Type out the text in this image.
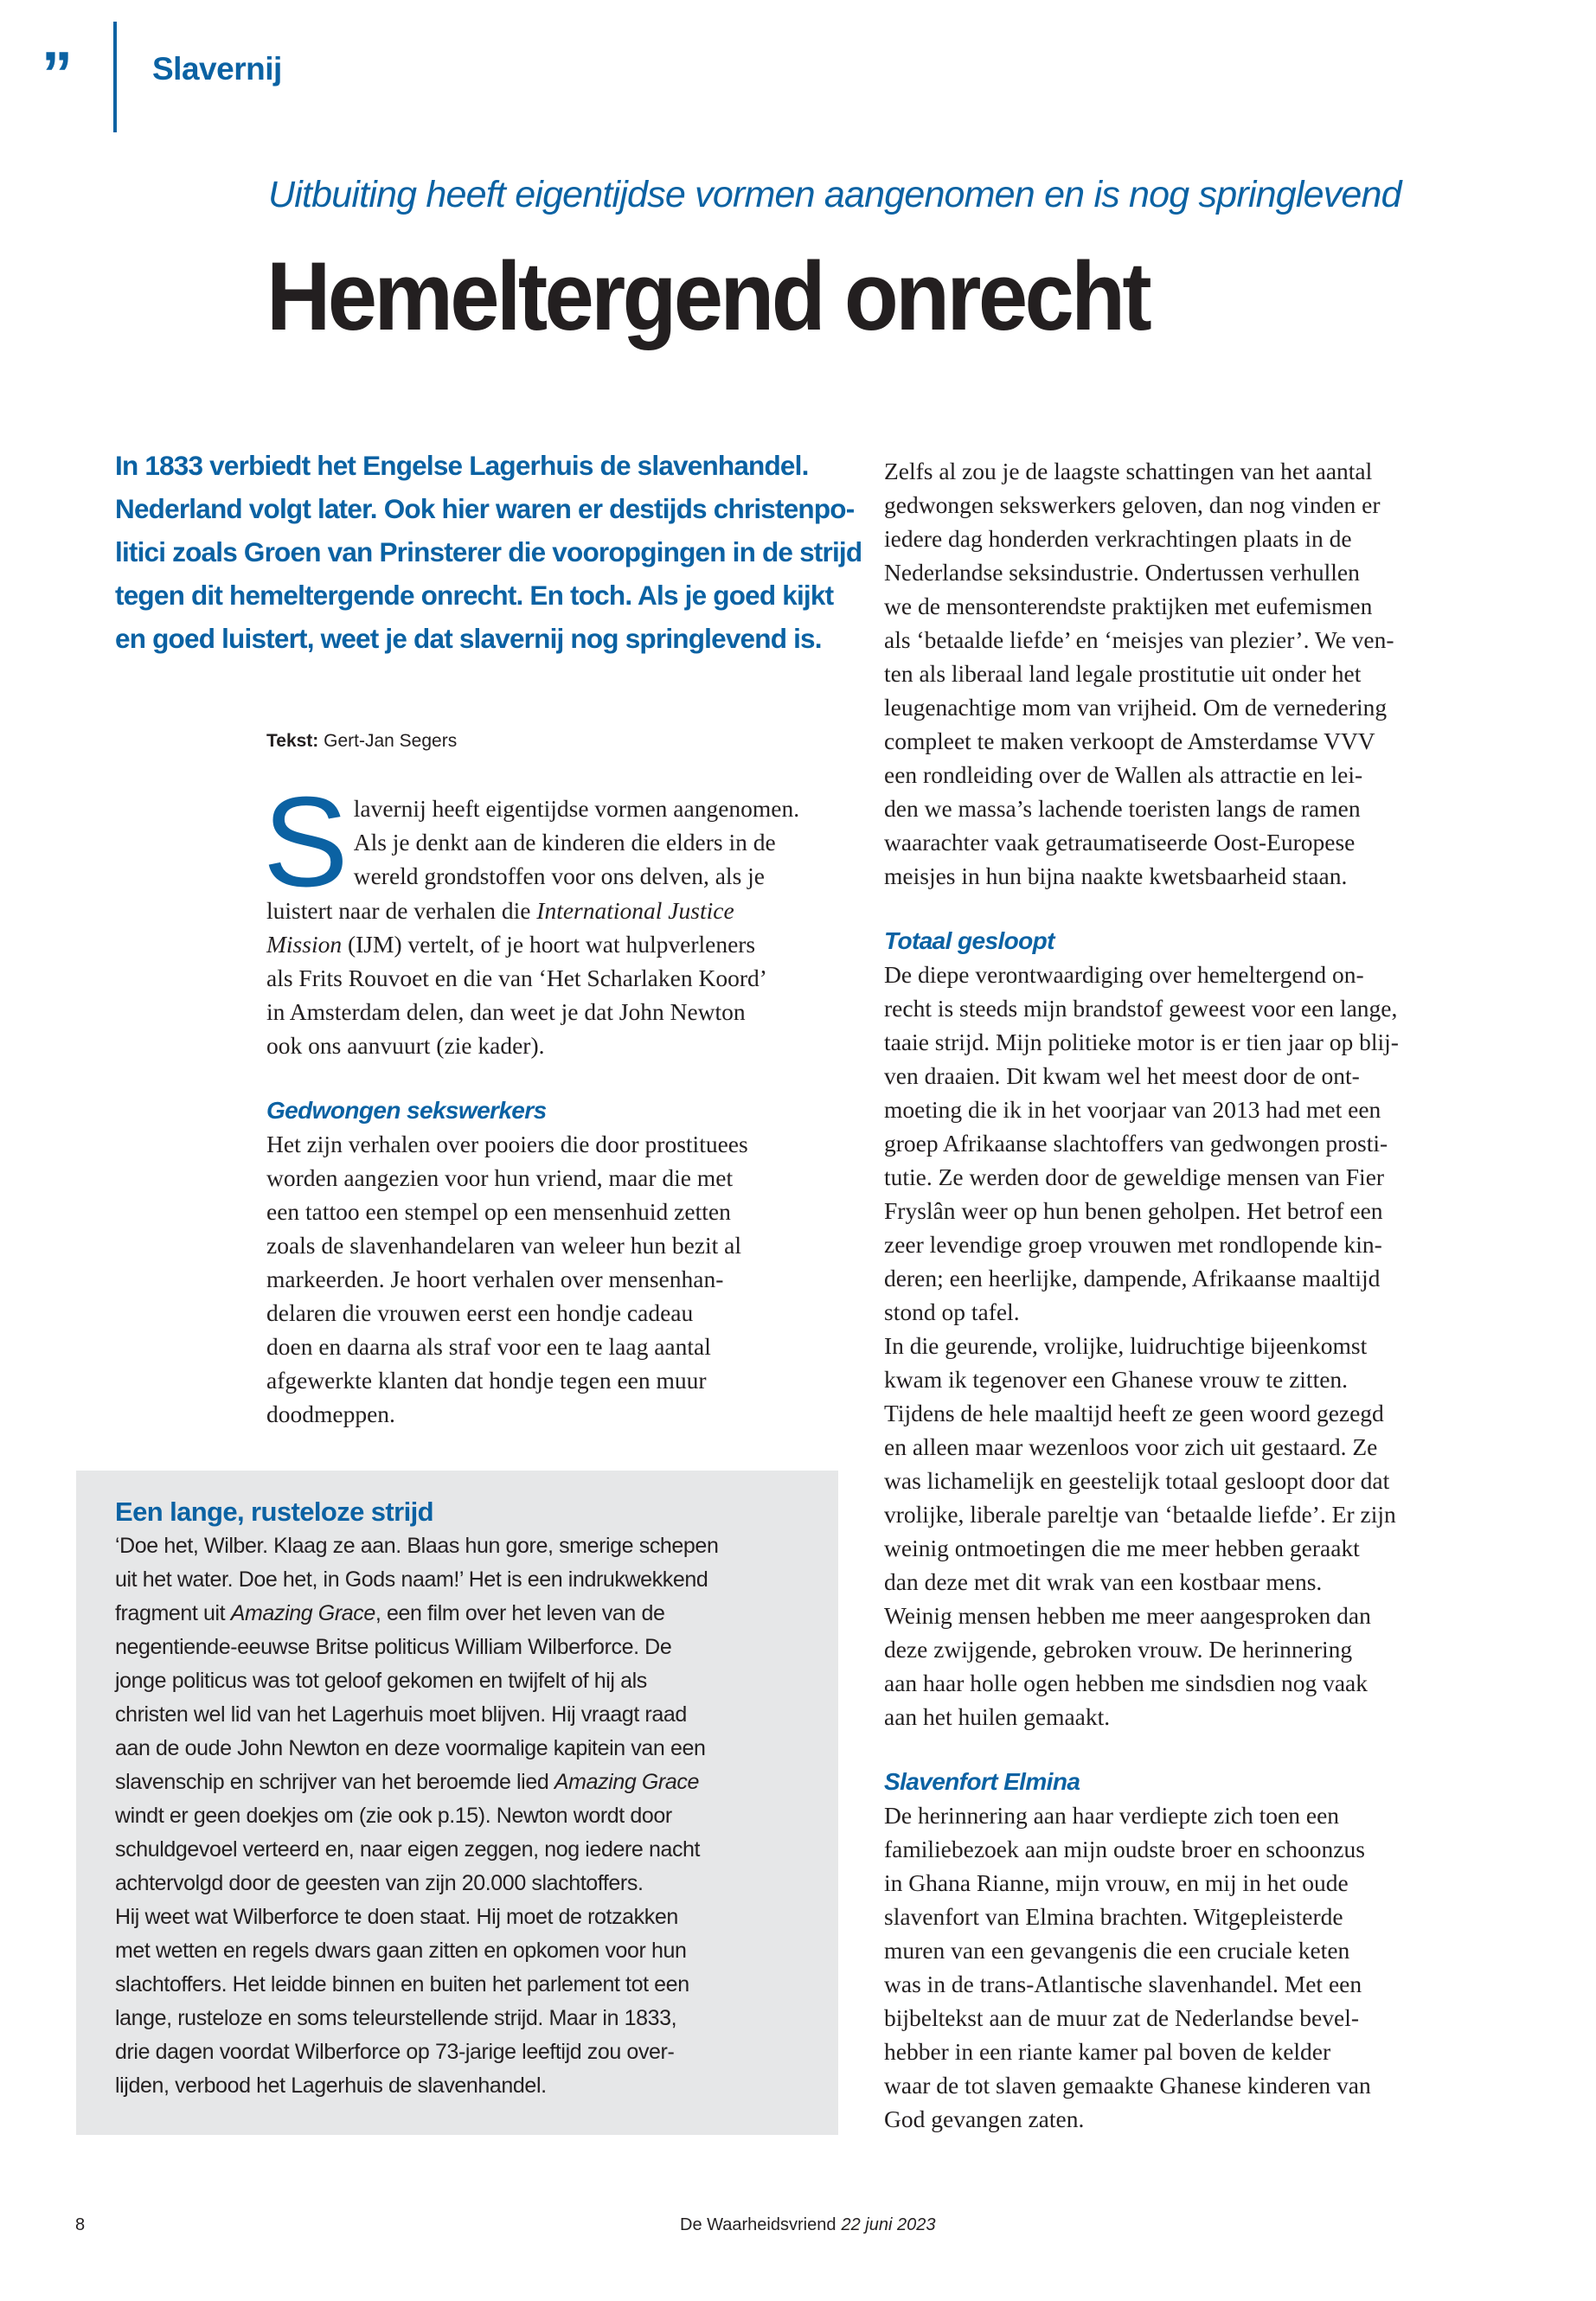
”	Slavernij
Uitbuiting heeft eigentijdse vormen aangenomen en is nog springlevend
Hemeltergend onrecht
In 1833 verbiedt het Engelse Lagerhuis de slavenhandel.
Nederland volgt later. Ook hier waren er destijds christenpo-
litici zoals Groen van Prinsterer die vooropgingen in de strijd
tegen dit hemeltergende onrecht. En toch. Als je goed kijkt
en goed luistert, weet je dat slavernij nog springlevend is.
Tekst: Gert-Jan Segers
S lavernij heeft eigentijdse vormen aangenomen.
Als je denkt aan de kinderen die elders in de
wereld grondstoffen voor ons delven, als je
luistert naar de verhalen die International Justice
Mission (IJM) vertelt, of je hoort wat hulpverleners
als Frits Rouvoet en die van ‘Het Scharlaken Koord’
in Amsterdam delen, dan weet je dat John Newton
ook ons aanvuurt (zie kader).
Gedwongen sekswerkers
Het zijn verhalen over pooiers die door prostituees
worden aangezien voor hun vriend, maar die met
een tattoo een stempel op een mensenhuid zetten
zoals de slavenhandelaren van weleer hun bezit al
markeerden. Je hoort verhalen over mensenhan-
delaren die vrouwen eerst een hondje cadeau
doen en daarna als straf voor een te laag aantal
afgewerkte klanten dat hondje tegen een muur
doodmeppen.
Zelfs al zou je de laagste schattingen van het aantal
gedwongen sekswerkers geloven, dan nog vinden er
iedere dag honderden verkrachtingen plaats in de
Nederlandse seksindustrie. Ondertussen verhullen
we de mensonterendste praktijken met eufemismen
als ‘betaalde liefde’ en ‘meisjes van plezier’. We ven-
ten als liberaal land legale prostitutie uit onder het
leugenachtige mom van vrijheid. Om de vernedering
compleet te maken verkoopt de Amsterdamse VVV
een rondleiding over de Wallen als attractie en lei-
den we massa’s lachende toeristen langs de ramen
waarachter vaak getraumatiseerde Oost-Europese
meisjes in hun bijna naakte kwetsbaarheid staan.
Totaal gesloopt
De diepe verontwaardiging over hemeltergend on-
recht is steeds mijn brandstof geweest voor een lange,
taaie strijd. Mijn politieke motor is er tien jaar op blij-
ven draaien. Dit kwam wel het meest door de ont-
moeting die ik in het voorjaar van 2013 had met een
groep Afrikaanse slachtoffers van gedwongen prosti-
tutie. Ze werden door de geweldige mensen van Fier
Fryslân weer op hun benen geholpen. Het betrof een
zeer levendige groep vrouwen met rondlopende kin-
deren; een heerlijke, dampende, Afrikaanse maaltijd
stond op tafel.
In die geurende, vrolijke, luidruchtige bijeenkomst
kwam ik tegenover een Ghanese vrouw te zitten.
Tijdens de hele maaltijd heeft ze geen woord gezegd
en alleen maar wezenloos voor zich uit gestaard. Ze
was lichamelijk en geestelijk totaal gesloopt door dat
vrolijke, liberale pareltje van ‘betaalde liefde’. Er zijn
weinig ontmoetingen die me meer hebben geraakt
dan deze met dit wrak van een kostbaar mens.
Weinig mensen hebben me meer aangesproken dan
deze zwijgende, gebroken vrouw. De herinnering
aan haar holle ogen hebben me sindsdien nog vaak
aan het huilen gemaakt.
Slavenfort Elmina
De herinnering aan haar verdiepte zich toen een
familiebezoek aan mijn oudste broer en schoonzus
in Ghana Rianne, mijn vrouw, en mij in het oude
slavenfort van Elmina brachten. Witgepleisterde
muren van een gevangenis die een cruciale keten
was in de trans-Atlantische slavenhandel. Met een
bijbeltekst aan de muur zat de Nederlandse bevel-
hebber in een riante kamer pal boven de kelder
waar de tot slaven gemaakte Ghanese kinderen van
God gevangen zaten.
Een lange, rusteloze strijd
‘Doe het, Wilber. Klaag ze aan. Blaas hun gore, smerige schepen
uit het water. Doe het, in Gods naam!’ Het is een indrukwekkend
fragment uit Amazing Grace, een film over het leven van de
negentiende-eeuwse Britse politicus William Wilberforce. De
jonge politicus was tot geloof gekomen en twijfelt of hij als
christen wel lid van het Lagerhuis moet blijven. Hij vraagt raad
aan de oude John Newton en deze voormalige kapitein van een
slavenschip en schrijver van het beroemde lied Amazing Grace
windt er geen doekjes om (zie ook p.15). Newton wordt door
schuldgevoel verteerd en, naar eigen zeggen, nog iedere nacht
achtervolgd door de geesten van zijn 20.000 slachtoffers.
Hij weet wat Wilberforce te doen staat. Hij moet de rotzakken
met wetten en regels dwars gaan zitten en opkomen voor hun
slachtoffers. Het leidde binnen en buiten het parlement tot een
lange, rusteloze en soms teleurstellende strijd. Maar in 1833,
drie dagen voordat Wilberforce op 73-jarige leeftijd zou over-
lijden, verbood het Lagerhuis de slavenhandel.
8	De Waarheidsvriend 22 juni 2023
